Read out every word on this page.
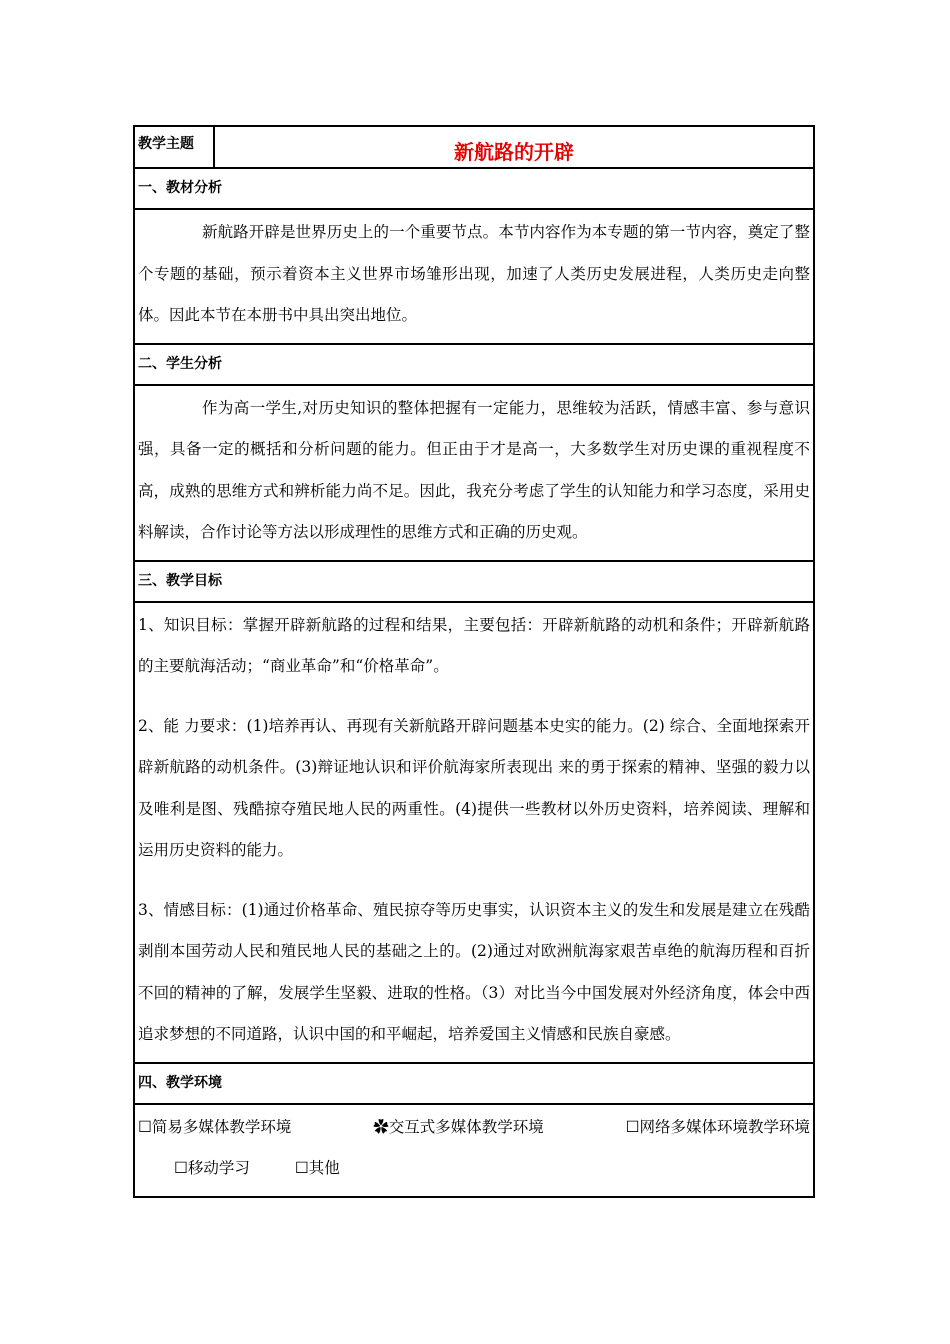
教学主题	新航路的开辟
一、教材分析

新航路开辟是世界历史上的一个重要节点。本节内容作为本专题的第一节内容，奠定了整个专题的基础，预示着资本主义世界市场雏形出现，加速了人类历史发展进程，人类历史走向整体。因此本节在本册书中具出突出地位。

二、学生分析

作为高一学生,对历史知识的整体把握有一定能力，思维较为活跃，情感丰富、参与意识强，具备一定的概括和分析问题的能力。但正由于才是高一，大多数学生对历史课的重视程度不高，成熟的思维方式和辨析能力尚不足。因此，我充分考虑了学生的认知能力和学习态度，采用史料解读，合作讨论等方法以形成理性的思维方式和正确的历史观。

三、教学目标

1、知识目标：掌握开辟新航路的过程和结果，主要包括：开辟新航路的动机和条件；开辟新航路的主要航海活动；“商业革命”和“价格革命”。

2、能 力要求：(1)培养再认、再现有关新航路开辟问题基本史实的能力。(2) 综合、全面地探索开辟新航路的动机条件。(3)辩证地认识和评价航海家所表现出 来的勇于探索的精神、坚强的毅力以及唯利是图、残酷掠夺殖民地人民的两重性。(4)提供一些教材以外历史资料，培养阅读、理解和运用历史资料的能力。

3、情感目标：(1)通过价格革命、殖民掠夺等历史事实，认识资本主义的发生和发展是建立在残酷剥削本国劳动人民和殖民地人民的基础之上的。(2)通过对欧洲航海家艰苦卓绝的航海历程和百折不回的精神的了解，发展学生坚毅、进取的性格。（3）对比当今中国发展对外经济角度，体会中西追求梦想的不同道路，认识中国的和平崛起，培养爱国主义情感和民族自豪感。

四、教学环境

☐简易多媒体教学环境	✿交互式多媒体教学环境	☐网络多媒体环境教学环境
☐移动学习	☐其他
